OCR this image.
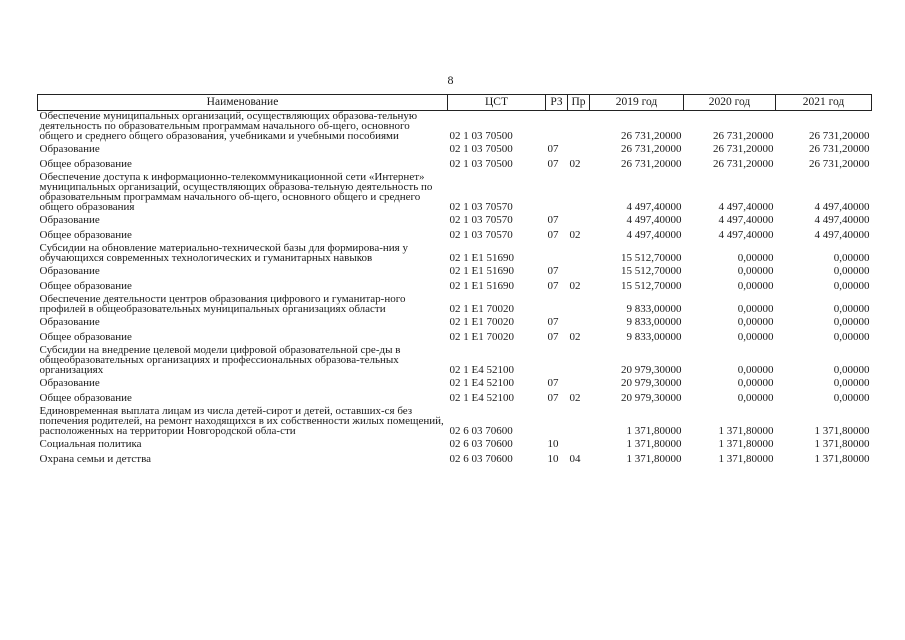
8
Наименование	ЦСТ	РЗ	Пр	2019 год	2020 год	2021 год
Обеспечение муниципальных организаций, осуществляющих образова-тельную деятельность по образовательным программам начального об-щего, основного общего и среднего общего образования, учебниками и учебными пособиями	02 1 03 70500			26 731,20000	26 731,20000	26 731,20000
Образование	02 1 03 70500	07		26 731,20000	26 731,20000	26 731,20000
Общее образование	02 1 03 70500	07	02	26 731,20000	26 731,20000	26 731,20000
Обеспечение доступа к информационно-телекоммуникационной сети «Интернет» муниципальных организаций, осуществляющих образова-тельную деятельность по образовательным программам начального об-щего, основного общего и среднего общего образования	02 1 03 70570			4 497,40000	4 497,40000	4 497,40000
Образование	02 1 03 70570	07		4 497,40000	4 497,40000	4 497,40000
Общее образование	02 1 03 70570	07	02	4 497,40000	4 497,40000	4 497,40000
Субсидии на обновление материально-технической базы для формирова-ния у обучающихся современных технологических и гуманитарных навыков	02 1 E1 51690			15 512,70000	0,00000	0,00000
Образование	02 1 E1 51690	07		15 512,70000	0,00000	0,00000
Общее образование	02 1 E1 51690	07	02	15 512,70000	0,00000	0,00000
Обеспечение деятельности центров образования цифрового и гуманитар-ного профилей в общеобразовательных муниципальных организациях области	02 1 E1 70020			9 833,00000	0,00000	0,00000
Образование	02 1 E1 70020	07		9 833,00000	0,00000	0,00000
Общее образование	02 1 E1 70020	07	02	9 833,00000	0,00000	0,00000
Субсидии на внедрение целевой модели цифровой образовательной сре-ды в общеобразовательных организациях и профессиональных образова-тельных организациях	02 1 E4 52100			20 979,30000	0,00000	0,00000
Образование	02 1 E4 52100	07		20 979,30000	0,00000	0,00000
Общее образование	02 1 E4 52100	07	02	20 979,30000	0,00000	0,00000
Единовременная выплата лицам из числа детей-сирот и детей, оставших-ся без попечения родителей, на ремонт находящихся в их собственности жилых помещений, расположенных на территории Новгородской обла-сти	02 6 03 70600			1 371,80000	1 371,80000	1 371,80000
Социальная политика	02 6 03 70600	10		1 371,80000	1 371,80000	1 371,80000
Охрана семьи и детства	02 6 03 70600	10	04	1 371,80000	1 371,80000	1 371,80000
